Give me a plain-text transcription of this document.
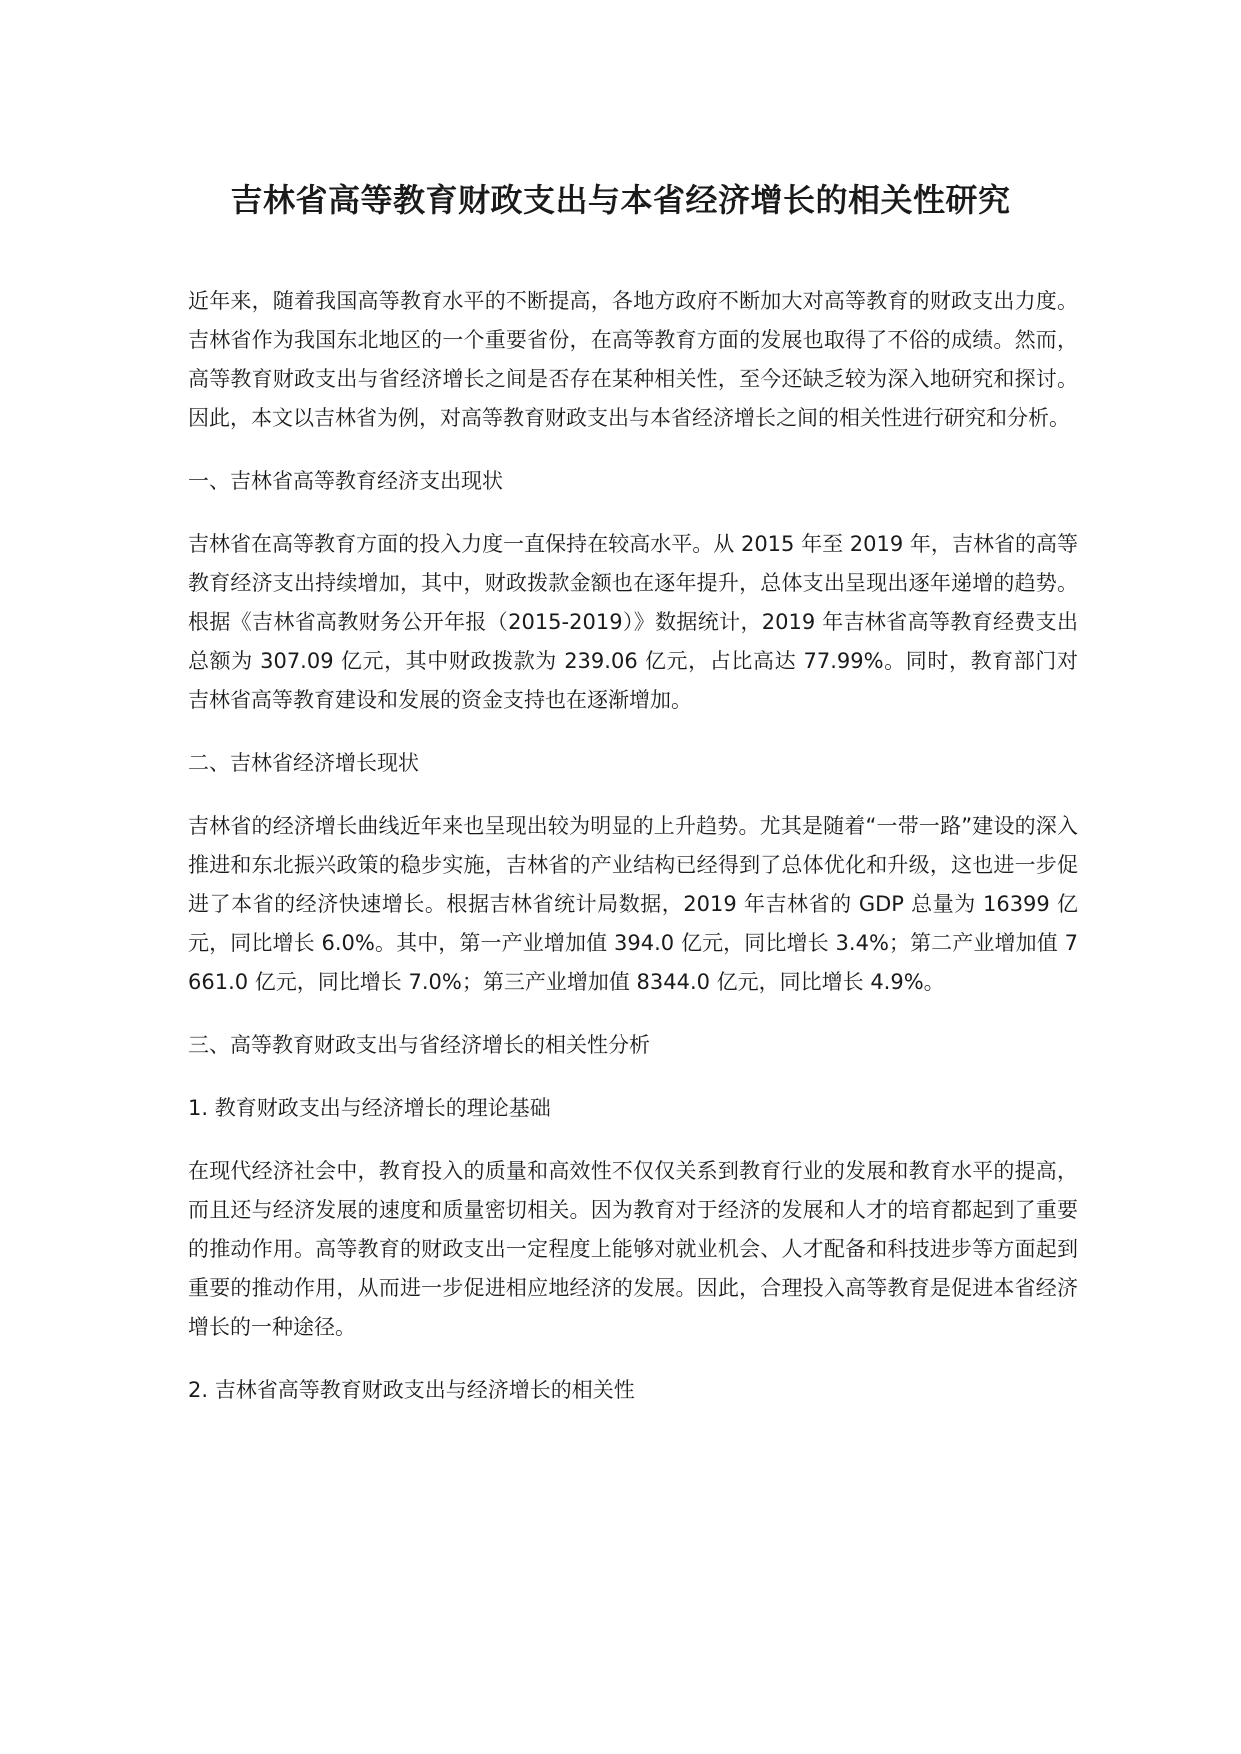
吉林省高等教育财政支出与本省经济增长的相关性研究

近年来，随着我国高等教育水平的不断提高，各地方政府不断加大对高等教育的财政支出力度。吉林省作为我国东北地区的一个重要省份，在高等教育方面的发展也取得了不俗的成绩。然而，高等教育财政支出与省经济增长之间是否存在某种相关性，至今还缺乏较为深入地研究和探讨。因此，本文以吉林省为例，对高等教育财政支出与本省经济增长之间的相关性进行研究和分析。

一、吉林省高等教育经济支出现状

吉林省在高等教育方面的投入力度一直保持在较高水平。从 2015 年至 2019 年，吉林省的高等教育经济支出持续增加，其中，财政拨款金额也在逐年提升，总体支出呈现出逐年递增的趋势。根据《吉林省高教财务公开年报（2015-2019）》数据统计，2019 年吉林省高等教育经费支出总额为 307.09 亿元，其中财政拨款为 239.06 亿元，占比高达 77.99%。同时，教育部门对吉林省高等教育建设和发展的资金支持也在逐渐增加。

二、吉林省经济增长现状

吉林省的经济增长曲线近年来也呈现出较为明显的上升趋势。尤其是随着“一带一路”建设的深入推进和东北振兴政策的稳步实施，吉林省的产业结构已经得到了总体优化和升级，这也进一步促进了本省的经济快速增长。根据吉林省统计局数据，2019 年吉林省的 GDP 总量为 16399 亿元，同比增长 6.0%。其中，第一产业增加值 394.0 亿元，同比增长 3.4%；第二产业增加值 7661.0 亿元，同比增长 7.0%；第三产业增加值 8344.0 亿元，同比增长 4.9%。

三、高等教育财政支出与省经济增长的相关性分析

1. 教育财政支出与经济增长的理论基础

在现代经济社会中，教育投入的质量和高效性不仅仅关系到教育行业的发展和教育水平的提高，而且还与经济发展的速度和质量密切相关。因为教育对于经济的发展和人才的培育都起到了重要的推动作用。高等教育的财政支出一定程度上能够对就业机会、人才配备和科技进步等方面起到重要的推动作用，从而进一步促进相应地经济的发展。因此，合理投入高等教育是促进本省经济增长的一种途径。

2. 吉林省高等教育财政支出与经济增长的相关性
